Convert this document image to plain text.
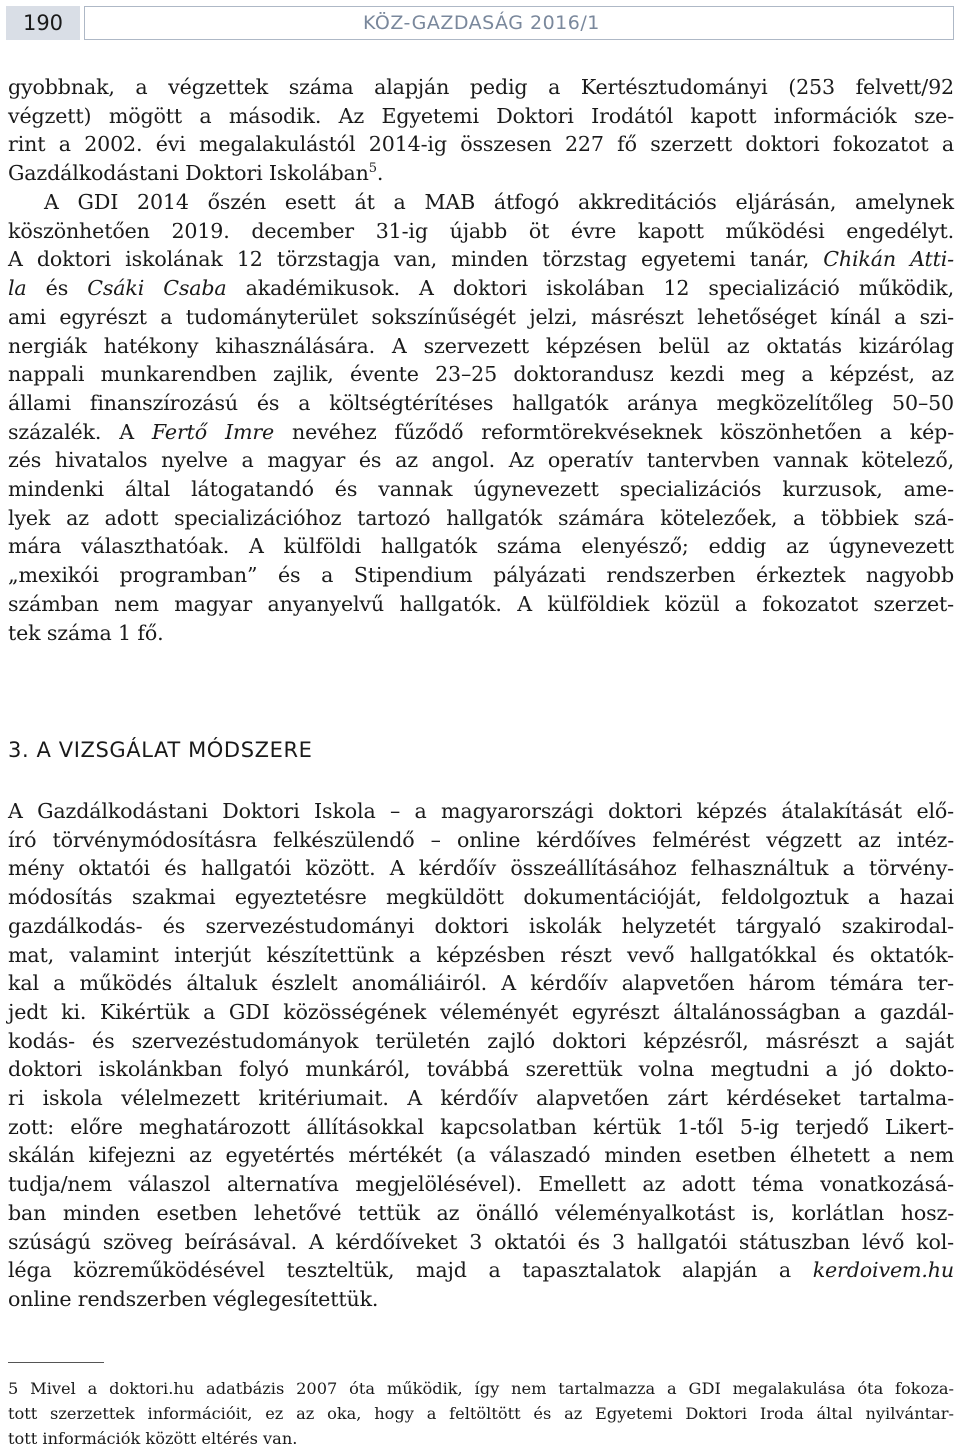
190	KÖZ-GAZDASÁG 2016/1
gyobbnak, a végzettek száma alapján pedig a Kertésztudományi (253 felvett/92
végzett) mögött a második. Az Egyetemi Doktori Irodától kapott információk sze-
rint a 2002. évi megalakulástól 2014-ig összesen 227 fő szerzett doktori fokozatot a
Gazdálkodástani Doktori Iskolában$^5$.
A GDI 2014 őszén esett át a MAB átfogó akkreditációs eljárásán, amelynek
köszönhetően 2019. december 31-ig újabb öt évre kapott működési engedélyt.
A doktori iskolának 12 törzstagja van, minden törzstag egyetemi tanár, Chikán Atti-
la és Csáki Csaba akadémikusok. A doktori iskolában 12 specializáció működik,
ami egyrészt a tudományterület sokszínűségét jelzi, másrészt lehetőséget kínál a szi-
nergiák hatékony kihasználására. A szervezett képzésen belül az oktatás kizárólag
nappali munkarendben zajlik, évente 23–25 doktorandusz kezdi meg a képzést, az
állami finanszírozású és a költségtérítéses hallgatók aránya megközelítőleg 50–50
százalék. A Fertő Imre nevéhez fűződő reformtörekvéseknek köszönhetően a kép-
zés hivatalos nyelve a magyar és az angol. Az operatív tantervben vannak kötelező,
mindenki által látogatandó és vannak úgynevezett specializációs kurzusok, ame-
lyek az adott specializációhoz tartozó hallgatók számára kötelezőek, a többiek szá-
mára választhatóak. A külföldi hallgatók száma elenyésző; eddig az úgynevezett
„mexikói programban” és a Stipendium pályázati rendszerben érkeztek nagyobb
számban nem magyar anyanyelvű hallgatók. A külföldiek közül a fokozatot szerzet-
tek száma 1 fő.
3. A VIZSGÁLAT MÓDSZERE
A Gazdálkodástani Doktori Iskola – a magyarországi doktori képzés átalakítását elő-
író törvénymódosításra felkészülendő – online kérdőíves felmérést végzett az intéz-
mény oktatói és hallgatói között. A kérdőív összeállításához felhasználtuk a törvény-
módosítás szakmai egyeztetésre megküldött dokumentációját, feldolgoztuk a hazai
gazdálkodás- és szervezéstudományi doktori iskolák helyzetét tárgyaló szakirodal-
mat, valamint interjút készítettünk a képzésben részt vevő hallgatókkal és oktatók-
kal a működés általuk észlelt anomáliáiról. A kérdőív alapvetően három témára ter-
jedt ki. Kikértük a GDI közösségének véleményét egyrészt általánosságban a gazdál-
kodás- és szervezéstudományok területén zajló doktori képzésről, másrészt a saját
doktori iskolánkban folyó munkáról, továbbá szerettük volna megtudni a jó dokto-
ri iskola vélelmezett kritériumait. A kérdőív alapvetően zárt kérdéseket tartalma-
zott: előre meghatározott állításokkal kapcsolatban kértük 1-től 5-ig terjedő Likert-
skálán kifejezni az egyetértés mértékét (a válaszadó minden esetben élhetett a nem
tudja/nem válaszol alternatíva megjelölésével). Emellett az adott téma vonatkozásá-
ban minden esetben lehetővé tettük az önálló véleményalkotást is, korlátlan hosz-
szúságú szöveg beírásával. A kérdőíveket 3 oktatói és 3 hallgatói státuszban lévő kol-
léga közreműködésével teszteltük, majd a tapasztalatok alapján a kerdoivem.hu
online rendszerben véglegesítettük.
5 Mivel a doktori.hu adatbázis 2007 óta működik, így nem tartalmazza a GDI megalakulása óta fokoza-
tott szerzettek információit, ez az oka, hogy a feltöltött és az Egyetemi Doktori Iroda által nyilvántar-
tott információk között eltérés van.
